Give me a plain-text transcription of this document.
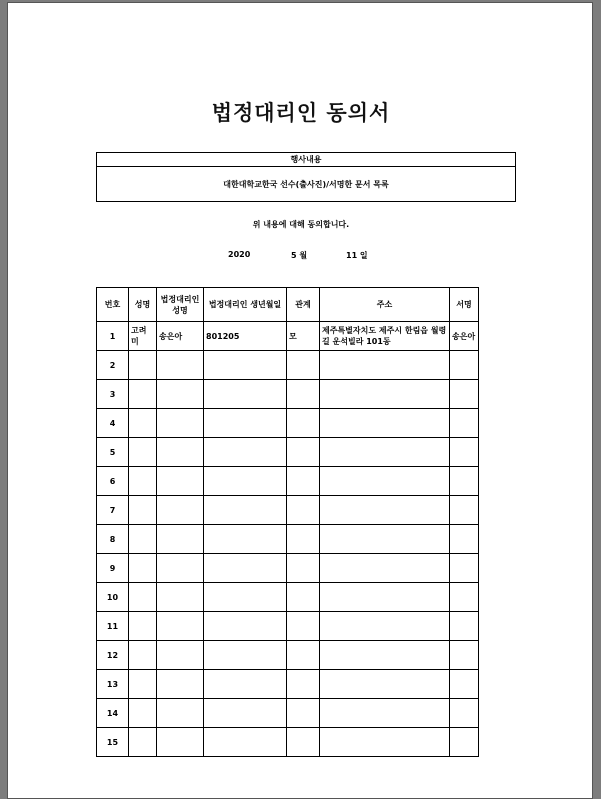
법정대리인 동의서
행사내용
대한대학교한국 선수(출사진)/서명한 문서 목록
위 내용에 대해 동의합니다.
2020	5 월	11 일
번호	성명	법정대리인 성명	법정대리인 생년월일	관계	주소	서명
1	고려미	송은아	801205	모	제주특별자치도 제주시 한림읍 월령길 운석빌라 101동	송은아
2						
3						
4						
5						
6						
7						
8						
9						
10						
11						
12						
13						
14						
15						
